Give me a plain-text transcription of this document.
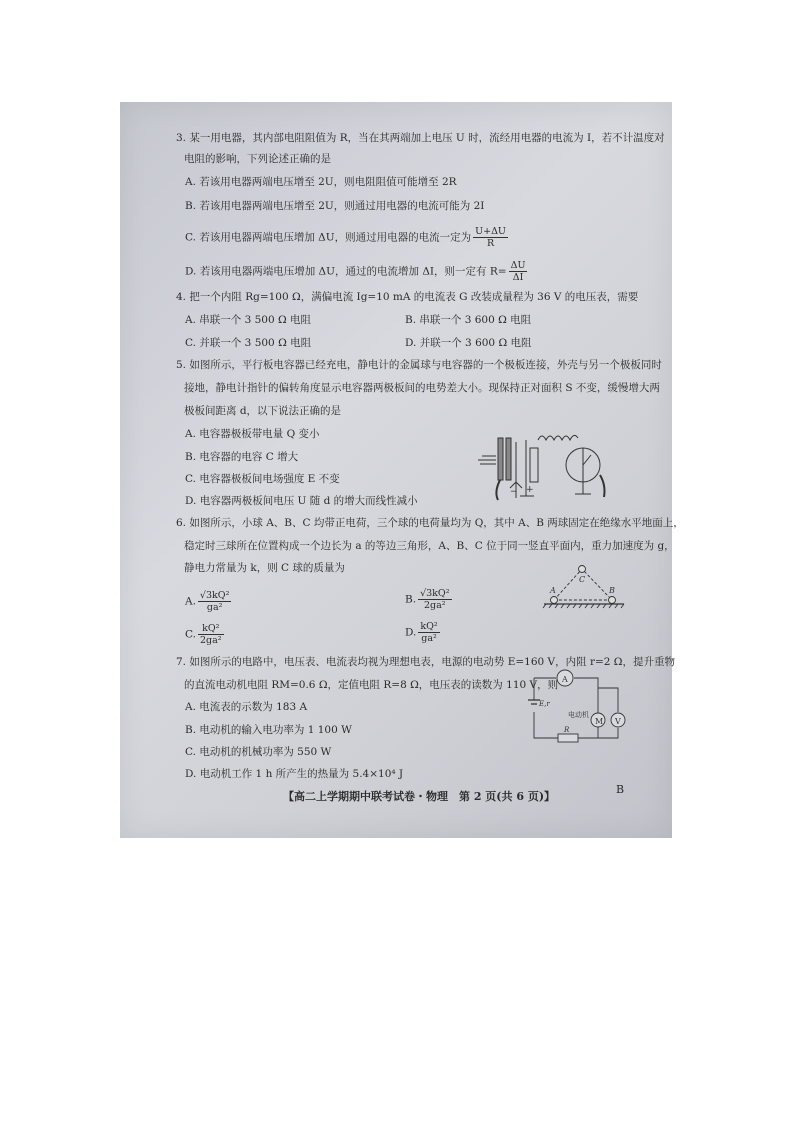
3. 某一用电器，其内部电阻阻值为 R，当在其两端加上电压 U 时，流经用电器的电流为 I，若不计温度对
电阻的影响，下列论述正确的是
A. 若该用电器两端电压增至 2U，则电阻阻值可能增至 2R
B. 若该用电器两端电压增至 2U，则通过用电器的电流可能为 2I
C. 若该用电器两端电压增加 ΔU，则通过用电器的电流一定为 $\frac{U+\Delta U}{R}$
D. 若该用电器两端电压增加 ΔU，通过的电流增加 ΔI，则一定有 $R= \frac{\Delta U}{\Delta I}$
4. 把一个内阻 Rg=100 Ω，满偏电流 Ig=10 mA 的电流表 G 改装成量程为 36 V 的电压表，需要
A. 串联一个 3 500 Ω 电阻	B. 串联一个 3 600 Ω 电阻
C. 并联一个 3 500 Ω 电阻	D. 并联一个 3 600 Ω 电阻
5. 如图所示，平行板电容器已经充电，静电计的金属球与电容器的一个极板连接，外壳与另一个极板同时
接地，静电计指针的偏转角度显示电容器两极板间的电势差大小。现保持正对面积 S 不变，缓慢增大两
极板间距离 d，以下说法正确的是
A. 电容器极板带电量 Q 变小
B. 电容器的电容 C 增大
C. 电容器极板间电场强度 E 不变
D. 电容器两极板间电压 U 随 d 的增大而线性减小
+
−
6. 如图所示，小球 A、B、C 均带正电荷，三个球的电荷量均为 Q，其中 A、B 两球固定在绝缘水平地面上，
稳定时三球所在位置构成一个边长为 a 的等边三角形，A、B、C 位于同一竖直平面内，重力加速度为 g，
静电力常量为 k，则 C 球的质量为
A. $\frac{\text{√3kQ²}}{\text{ga²}}$	B. $\frac{\text{√3kQ²}}{\text{2ga²}}$
C. $\frac{\text{kQ²}}{\text{2ga²}}$	D. $\frac{\text{kQ²}}{\text{ga²}}$
C
A	B
7. 如图所示的电路中，电压表、电流表均视为理想电表，电源的电动势 E=160 V，内阻 r=2 Ω，提升重物
的直流电动机电阻 RM=0.6 Ω，定值电阻 R=8 Ω，电压表的读数为 110 V，则
A. 电流表的示数为 183 A
B. 电动机的输入电功率为 1 100 W
C. 电动机的机械功率为 550 W
D. 电动机工作 1 h 所产生的热量为 5.4×10⁴ J
A
M V
电动机
E,r
R
【高二上学期期中联考试卷・物理　第 2 页(共 6 页)】
B
